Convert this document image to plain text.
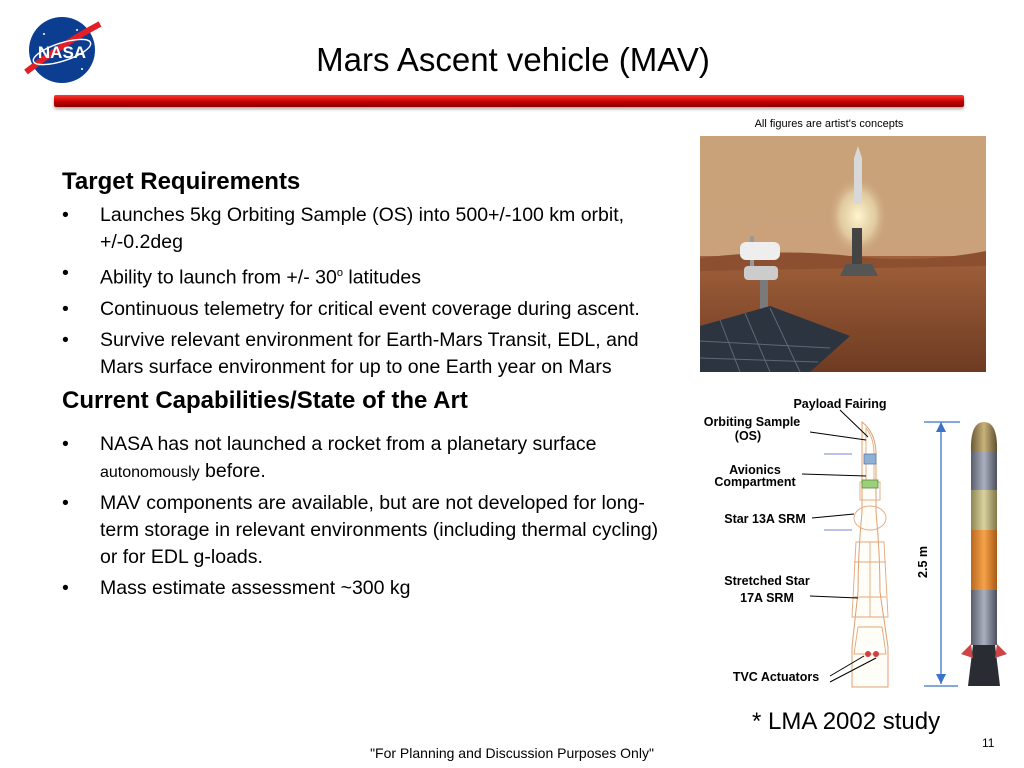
NASA	Mars Ascent vehicle (MAV)
All figures are artist's concepts

Target Requirements

• Launches 5kg Orbiting Sample (OS) into 500+/-100 km orbit, +/-0.2deg
• Ability to launch from +/- 30$^o$ latitudes
• Continuous telemetry for critical event coverage during ascent.
• Survive relevant environment for Earth-Mars Transit, EDL, and Mars surface environment for up to one Earth year on Mars

Current Capabilities/State of the Art

• NASA has not launched a rocket from a planetary surface autonomously before.
• MAV components are available, but are not developed for long-term storage in relevant environments (including thermal cycling) or for EDL g-loads.
• Mass estimate assessment ~300 kg
2.5 m
Payload Fairing
Orbiting Sample
(OS)
Avionics
Compartment
Star 13A SRM
Stretched Star
17A SRM
TVC Actuators
* LMA 2002 study
"For Planning and Discussion Purposes Only"
11
